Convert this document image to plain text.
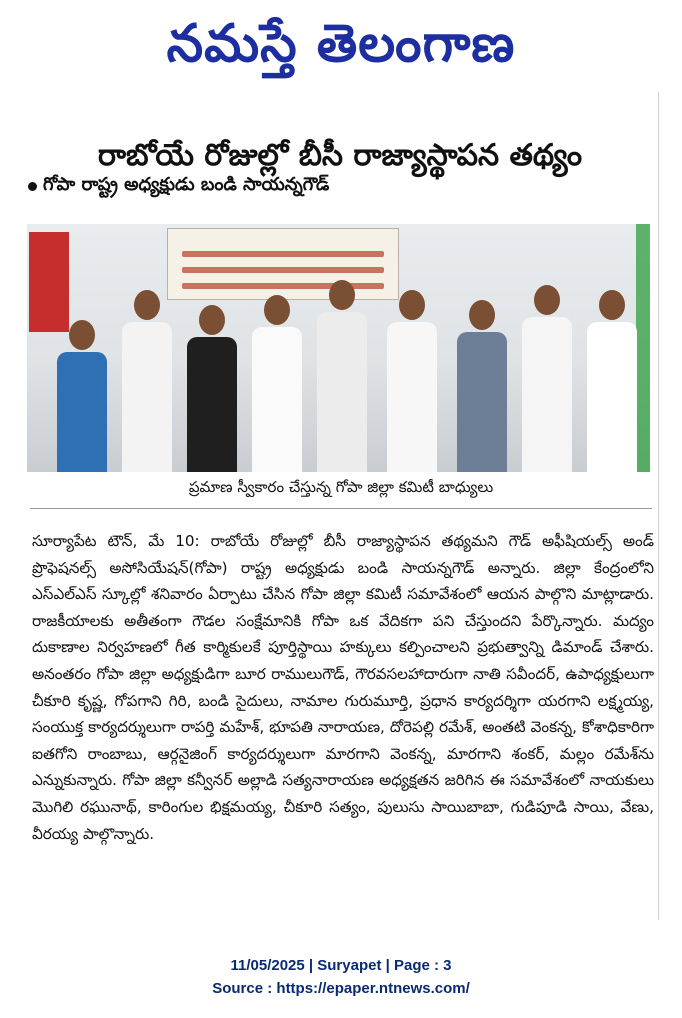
నమస్తే తెలంగాణ
రాబోయే రోజుల్లో బీసీ రాజ్యాస్థాపన తథ్యం
గోపా రాష్ట్ర అధ్యక్షుడు బండి సాయన్నగౌడ్
ప్రమాణ స్వీకారం చేస్తున్న గోపా జిల్లా కమిటీ బాధ్యులు
సూర్యాపేట టౌన్, మే 10: రాబోయే రోజుల్లో బీసీ రాజ్యాస్థాపన తథ్యమని గౌడ్ అఫీషియల్స్ అండ్ ప్రొఫెషనల్స్ అసోసియేషన్(గోపా) రాష్ట్ర అధ్యక్షుడు బండి సాయన్నగౌడ్ అన్నారు. జిల్లా కేంద్రంలోని ఎస్ఎల్ఎస్ స్కూల్లో శనివారం ఏర్పాటు చేసిన గోపా జిల్లా కమిటీ సమావేశంలో ఆయన పాల్గొని మాట్లాడారు. రాజకీయాలకు అతీతంగా గౌడల సంక్షేమానికి గోపా ఒక వేదికగా పని చేస్తుందని పేర్కొన్నారు. మద్యం దుకాణాల నిర్వహణలో గీత కార్మికులకే పూర్తిస్థాయి హక్కులు కల్పించాలని ప్రభుత్వాన్ని డిమాండ్ చేశారు. అనంతరం గోపా జిల్లా అధ్యక్షుడిగా బూర రాములుగౌడ్, గౌరవసలహాదారుగా నాతి సవీందర్, ఉపాధ్యక్షులుగా చీకూరి కృష్ణ, గోపగాని గిరి, బండి సైదులు, నామాల గురుమూర్తి, ప్రధాన కార్యదర్శిగా యరగాని లక్ష్మయ్య, సంయుక్త కార్యదర్శులుగా రాపర్తి మహేశ్, భూపతి నారాయణ, దోరెపల్లి రమేశ్, అంతటి వెంకన్న, కోశాధికారిగా ఐతగోని రాంబాబు, ఆర్గనైజింగ్ కార్యదర్శులుగా మారగాని వెంకన్న, మారగాని శంకర్, మల్లం రమేశ్‌ను ఎన్నుకున్నారు. గోపా జిల్లా కన్వీనర్ అల్లాడి సత్యనారాయణ అధ్యక్షతన జరిగిన ఈ సమావేశంలో నాయకులు మొగిలి రఘునాథ్, కారింగుల భిక్షమయ్య, చీకూరి సత్యం, పులుసు సాయిబాబా, గుడిపూడి సాయి, వేణు, వీరయ్య పాల్గొన్నారు.
11/05/2025 | Suryapet | Page : 3
Source : https://epaper.ntnews.com/
